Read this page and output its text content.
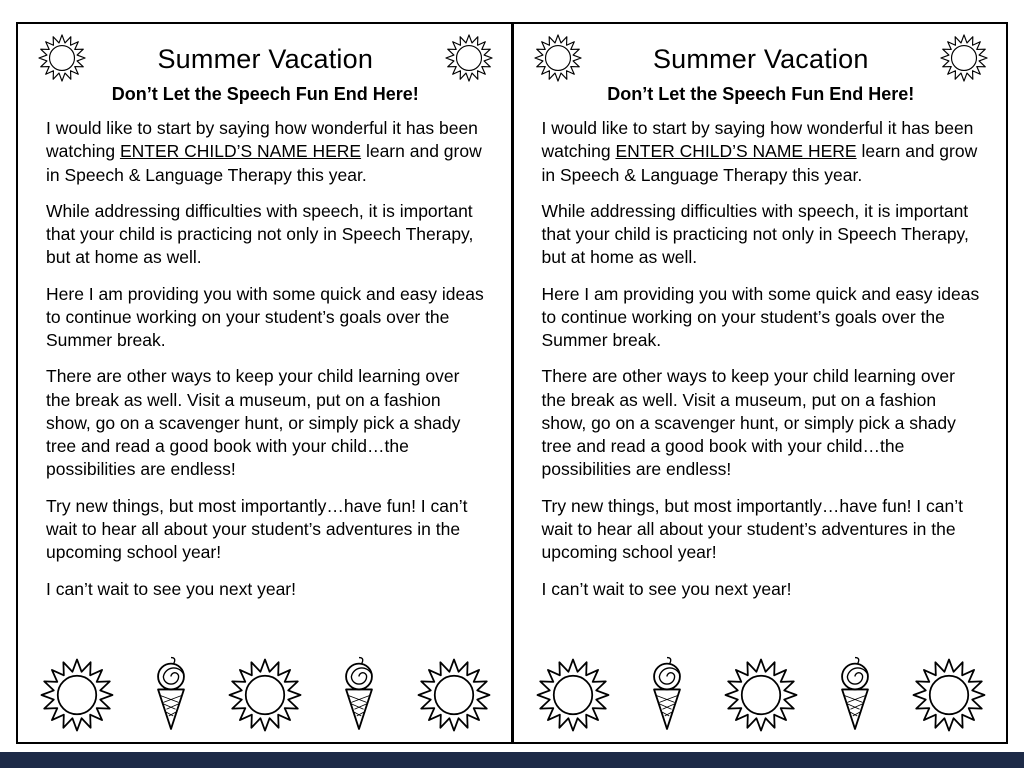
Summer Vacation
Don’t Let the Speech Fun End Here!

I would like to start by saying how wonderful it has been watching ENTER CHILD’S NAME HERE learn and grow in Speech & Language Therapy this year.

While addressing difficulties with speech, it is important that your child is practicing not only in Speech Therapy, but at home as well.

Here I am providing you with some quick and easy ideas to continue working on your student’s goals over the Summer break.

There are other ways to keep your child learning over the break as well. Visit a museum, put on a fashion show, go on a scavenger hunt, or simply pick a shady tree and read a good book with your child…the possibilities are endless!

Try new things, but most importantly…have fun! I can’t wait to hear all about your student’s adventures in the upcoming school year!

I can’t wait to see you next year!

Summer Vacation
Don’t Let the Speech Fun End Here!

I would like to start by saying how wonderful it has been watching ENTER CHILD’S NAME HERE learn and grow in Speech & Language Therapy this year.

While addressing difficulties with speech, it is important that your child is practicing not only in Speech Therapy, but at home as well.

Here I am providing you with some quick and easy ideas to continue working on your student’s goals over the Summer break.

There are other ways to keep your child learning over the break as well. Visit a museum, put on a fashion show, go on a scavenger hunt, or simply pick a shady tree and read a good book with your child…the possibilities are endless!

Try new things, but most importantly…have fun! I can’t wait to hear all about your student’s adventures in the upcoming school year!

I can’t wait to see you next year!
